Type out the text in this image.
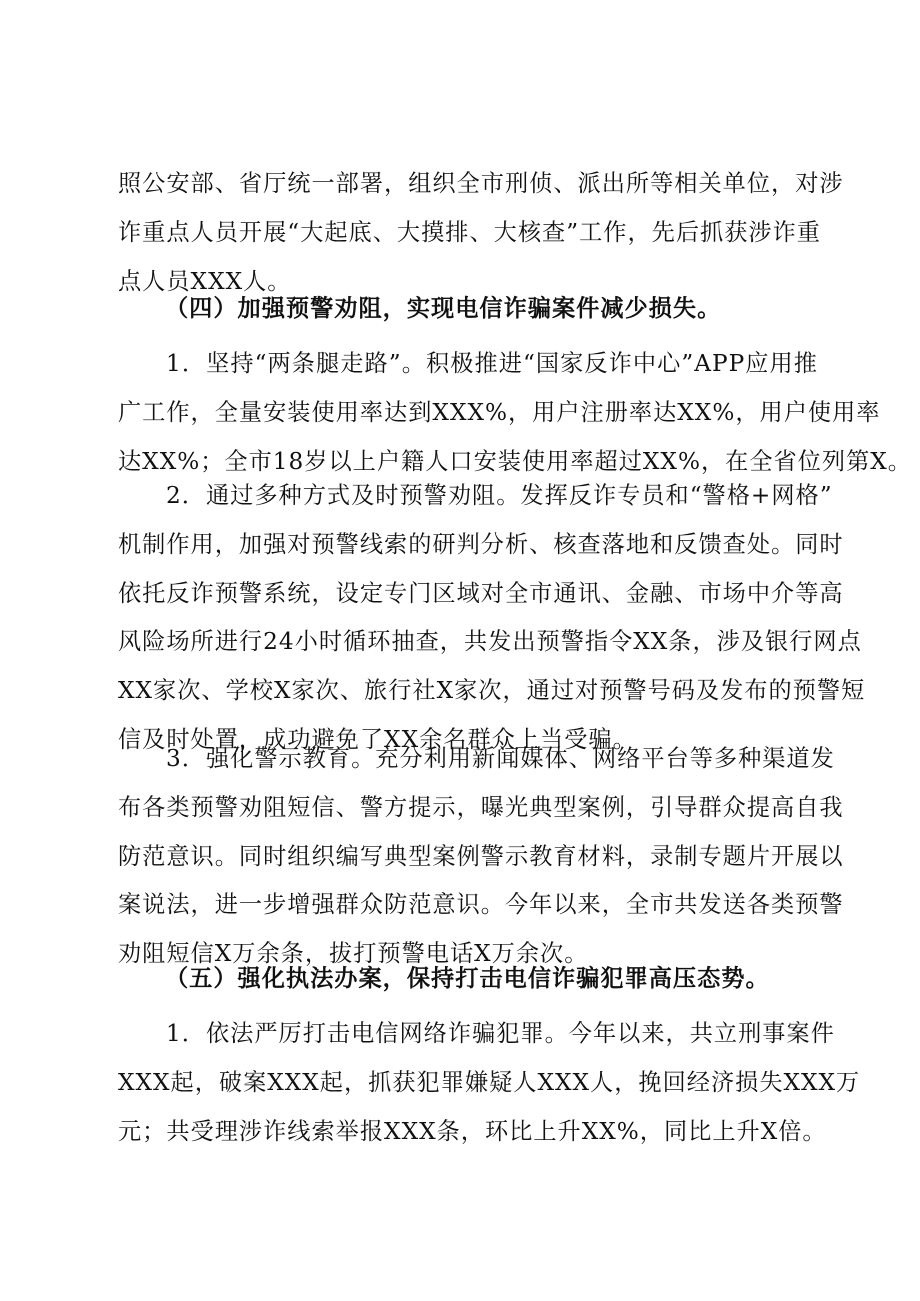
照公安部、省厅统一部署，组织全市刑侦、派出所等相关单位，对涉
诈重点人员开展“大起底、大摸排、大核查”工作，先后抓获涉诈重
点人员XXX人。

（四）加强预警劝阻，实现电信诈骗案件减少损失。

1．坚持“两条腿走路”。积极推进“国家反诈中心”APP应用推
广工作，全量安装使用率达到XXX%，用户注册率达XX%，用户使用率
达XX%；全市18岁以上户籍人口安装使用率超过XX%，在全省位列第X。
2．通过多种方式及时预警劝阻。发挥反诈专员和“警格+网格”
机制作用，加强对预警线索的研判分析、核查落地和反馈查处。同时
依托反诈预警系统，设定专门区域对全市通讯、金融、市场中介等高
风险场所进行24小时循环抽查，共发出预警指令XX条，涉及银行网点
XX家次、学校X家次、旅行社X家次，通过对预警号码及发布的预警短
信及时处置，成功避免了XX余名群众上当受骗。
3．强化警示教育。充分利用新闻媒体、网络平台等多种渠道发
布各类预警劝阻短信、警方提示，曝光典型案例，引导群众提高自我
防范意识。同时组织编写典型案例警示教育材料，录制专题片开展以
案说法，进一步增强群众防范意识。今年以来，全市共发送各类预警
劝阻短信X万余条，拔打预警电话X万余次。

（五）强化执法办案，保持打击电信诈骗犯罪高压态势。

1．依法严厉打击电信网络诈骗犯罪。今年以来，共立刑事案件
XXX起，破案XXX起，抓获犯罪嫌疑人XXX人，挽回经济损失XXX万
元；共受理涉诈线索举报XXX条，环比上升XX%，同比上升X倍。
